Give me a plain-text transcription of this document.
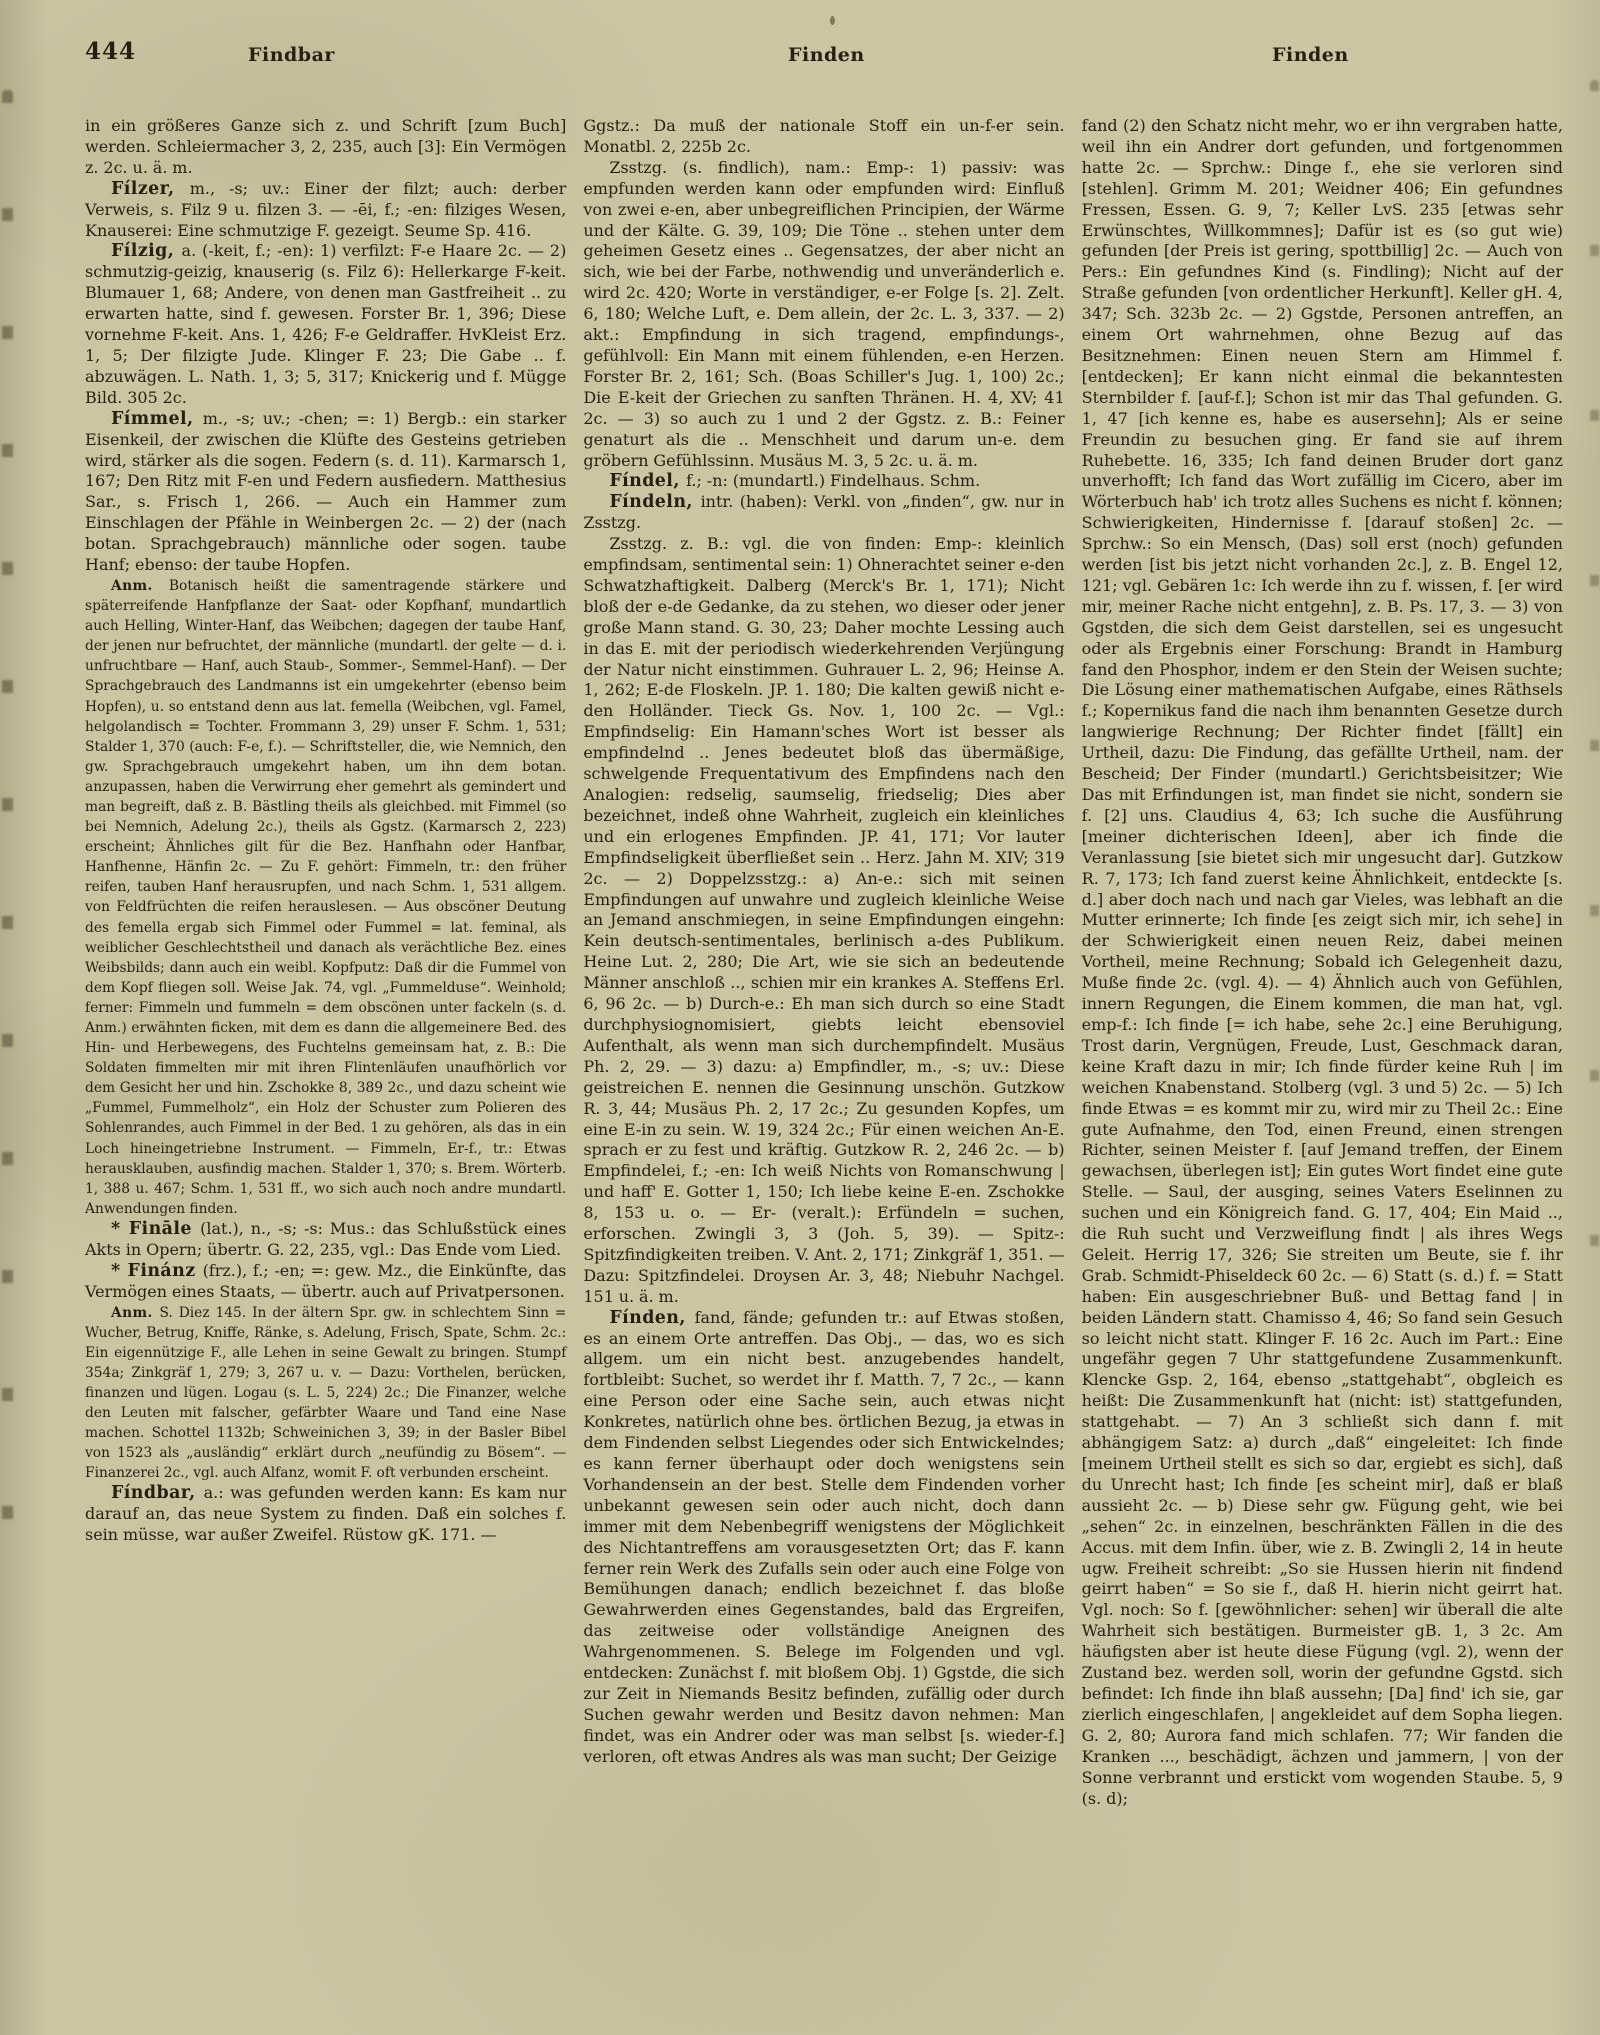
444	Findbar	Finden	Finden

in ein größeres Ganze sich z. und Schrift [zum Buch] werden. Schleiermacher 3, 2, 235, auch [3]: Ein Vermögen z. 2c. u. ä. m.

Fílzer, m., -s; uv.: Einer der filzt; auch: derber Verweis, s. Filz 9 u. filzen 3. — -ēi, f.; -en: filziges Wesen, Knauserei: Eine schmutzige F. gezeigt. Seume Sp. 416.

Fílzig, a. (-keit, f.; -en): 1) verfilzt: F-e Haare 2c. — 2) schmutzig-geizig, knauserig (s. Filz 6): Hellerkarge F-keit. Blumauer 1, 68; Andere, von denen man Gastfreiheit .. zu erwarten hatte, sind f. gewesen. Forster Br. 1, 396; Diese vornehme F-keit. Ans. 1, 426; F-e Geldraffer. HvKleist Erz. 1, 5; Der filzigte Jude. Klinger F. 23; Die Gabe .. f. abzuwägen. L. Nath. 1, 3; 5, 317; Knickerig und f. Mügge Bild. 305 2c.

Fímmel, m., -s; uv.; -chen; =: 1) Bergb.: ein starker Eisenkeil, der zwischen die Klüfte des Gesteins getrieben wird, stärker als die sogen. Federn (s. d. 11). Karmarsch 1, 167; Den Ritz mit F-en und Federn ausfiedern. Matthesius Sar., s. Frisch 1, 266. — Auch ein Hammer zum Einschlagen der Pfähle in Weinbergen 2c. — 2) der (nach botan. Sprachgebrauch) männliche oder sogen. taube Hanf; ebenso: der taube Hopfen.

Anm. Botanisch heißt die samentragende stärkere und späterreifende Hanfpflanze der Saat- oder Kopfhanf, mundartlich auch Helling, Winter-Hanf, das Weibchen; dagegen der taube Hanf, der jenen nur befruchtet, der männliche (mundartl. der gelte — d. i. unfruchtbare — Hanf, auch Staub-, Sommer-, Semmel-Hanf). — Der Sprachgebrauch des Landmanns ist ein umgekehrter (ebenso beim Hopfen), u. so entstand denn aus lat. femella (Weibchen, vgl. Famel, helgolandisch = Tochter. Frommann 3, 29) unser F. Schm. 1, 531; Stalder 1, 370 (auch: F-e, f.). — Schriftsteller, die, wie Nemnich, den gw. Sprachgebrauch umgekehrt haben, um ihn dem botan. anzupassen, haben die Verwirrung eher gemehrt als gemindert und man begreift, daß z. B. Bästling theils als gleichbed. mit Fimmel (so bei Nemnich, Adelung 2c.), theils als Ggstz. (Karmarsch 2, 223) erscheint; Ähnliches gilt für die Bez. Hanfhahn oder Hanfbar, Hanfhenne, Hänfin 2c. — Zu F. gehört: Fimmeln, tr.: den früher reifen, tauben Hanf herausrupfen, und nach Schm. 1, 531 allgem. von Feldfrüchten die reifen herauslesen. — Aus obscöner Deutung des femella ergab sich Fimmel oder Fummel = lat. feminal, als weiblicher Geschlechtstheil und danach als verächtliche Bez. eines Weibsbilds; dann auch ein weibl. Kopfputz: Daß dir die Fummel von dem Kopf fliegen soll. Weise Jak. 74, vgl. „Fummelduse“. Weinhold; ferner: Fimmeln und fummeln = dem obscönen unter fackeln (s. d. Anm.) erwähnten ficken, mit dem es dann die allgemeinere Bed. des Hin- und Herbewegens, des Fuchtelns gemeinsam hat, z. B.: Die Soldaten fimmelten mir mit ihren Flintenläufen unaufhörlich vor dem Gesicht her und hin. Zschokke 8, 389 2c., und dazu scheint wie „Fummel, Fummelholz“, ein Holz der Schuster zum Polieren des Sohlenrandes, auch Fimmel in der Bed. 1 zu gehören, als das in ein Loch hineingetriebne Instrument. — Fimmeln, Er-f., tr.: Etwas herausklauben, ausfindig machen. Stalder 1, 370; s. Brem. Wörterb. 1, 388 u. 467; Schm. 1, 531 ff., wo sich auch noch andre mundartl. Anwendungen finden.

* Fināle (lat.), n., -s; -s: Mus.: das Schlußstück eines Akts in Opern; übertr. G. 22, 235, vgl.: Das Ende vom Lied.

* Finánz (frz.), f.; -en; =: gew. Mz., die Einkünfte, das Vermögen eines Staats, — übertr. auch auf Privatpersonen.

Anm. S. Diez 145. In der ältern Spr. gw. in schlechtem Sinn = Wucher, Betrug, Kniffe, Ränke, s. Adelung, Frisch, Spate, Schm. 2c.: Ein eigennützige F., alle Lehen in seine Gewalt zu bringen. Stumpf 354a; Zinkgräf 1, 279; 3, 267 u. v. — Dazu: Vorthelen, berücken, finanzen und lügen. Logau (s. L. 5, 224) 2c.; Die Finanzer, welche den Leuten mit falscher, gefärbter Waare und Tand eine Nase machen. Schottel 1132b; Schweinichen 3, 39; in der Basler Bibel von 1523 als „ausländig“ erklärt durch „neufündig zu Bösem“. — Finanzerei 2c., vgl. auch Alfanz, womit F. oft verbunden erscheint.

Fíndbar, a.: was gefunden werden kann: Es kam nur darauf an, das neue System zu finden. Daß ein solches f. sein müsse, war außer Zweifel. Rüstow gK. 171. —

Ggstz.: Da muß der nationale Stoff ein un-f-er sein. Monatbl. 2, 225b 2c.

Zsstzg. (s. findlich), nam.: Emp-: 1) passiv: was empfunden werden kann oder empfunden wird: Einfluß von zwei e-en, aber unbegreiflichen Principien, der Wärme und der Kälte. G. 39, 109; Die Töne .. stehen unter dem geheimen Gesetz eines .. Gegensatzes, der aber nicht an sich, wie bei der Farbe, nothwendig und unveränderlich e. wird 2c. 420; Worte in verständiger, e-er Folge [s. 2]. Zelt. 6, 180; Welche Luft, e. Dem allein, der 2c. L. 3, 337. — 2) akt.: Empfindung in sich tragend, empfindungs-, gefühlvoll: Ein Mann mit einem fühlenden, e-en Herzen. Forster Br. 2, 161; Sch. (Boas Schiller's Jug. 1, 100) 2c.; Die E-keit der Griechen zu sanften Thränen. H. 4, XV; 41 2c. — 3) so auch zu 1 und 2 der Ggstz. z. B.: Feiner genaturt als die .. Menschheit und darum un-e. dem gröbern Gefühlssinn. Musäus M. 3, 5 2c. u. ä. m.

Fíndel, f.; -n: (mundartl.) Findelhaus. Schm.

Fíndeln, intr. (haben): Verkl. von „finden“, gw. nur in Zsstzg.

Zsstzg. z. B.: vgl. die von finden: Emp-: kleinlich empfindsam, sentimental sein: 1) Ohnerachtet seiner e-den Schwatzhaftigkeit. Dalberg (Merck's Br. 1, 171); Nicht bloß der e-de Gedanke, da zu stehen, wo dieser oder jener große Mann stand. G. 30, 23; Daher mochte Lessing auch in das E. mit der periodisch wiederkehrenden Verjüngung der Natur nicht einstimmen. Guhrauer L. 2, 96; Heinse A. 1, 262; E-de Floskeln. JP. 1. 180; Die kalten gewiß nicht e-den Holländer. Tieck Gs. Nov. 1, 100 2c. — Vgl.: Empfindselig: Ein Hamann'sches Wort ist besser als empfindelnd .. Jenes bedeutet bloß das übermäßige, schwelgende Frequentativum des Empfindens nach den Analogien: redselig, saumselig, friedselig; Dies aber bezeichnet, indeß ohne Wahrheit, zugleich ein kleinliches und ein erlogenes Empfinden. JP. 41, 171; Vor lauter Empfindseligkeit überfließet sein .. Herz. Jahn M. XIV; 319 2c. — 2) Doppelzsstzg.: a) An-e.: sich mit seinen Empfindungen auf unwahre und zugleich kleinliche Weise an Jemand anschmiegen, in seine Empfindungen eingehn: Kein deutsch-sentimentales, berlinisch a-des Publikum. Heine Lut. 2, 280; Die Art, wie sie sich an bedeutende Männer anschloß .., schien mir ein krankes A. Steffens Erl. 6, 96 2c. — b) Durch-e.: Eh man sich durch so eine Stadt durchphysiognomisiert, giebts leicht ebensoviel Aufenthalt, als wenn man sich durchempfindelt. Musäus Ph. 2, 29. — 3) dazu: a) Empfindler, m., -s; uv.: Diese geistreichen E. nennen die Gesinnung unschön. Gutzkow R. 3, 44; Musäus Ph. 2, 17 2c.; Zu gesunden Kopfes, um eine E-in zu sein. W. 19, 324 2c.; Für einen weichen An-E. sprach er zu fest und kräftig. Gutzkow R. 2, 246 2c. — b) Empfindelei, f.; -en: Ich weiß Nichts von Romanschwung | und haff' E. Gotter 1, 150; Ich liebe keine E-en. Zschokke 8, 153 u. o. — Er- (veralt.): Erfündeln = suchen, erforschen. Zwingli 3, 3 (Joh. 5, 39). — Spitz-: Spitzfindigkeiten treiben. V. Ant. 2, 171; Zinkgräf 1, 351. — Dazu: Spitzfindelei. Droysen Ar. 3, 48; Niebuhr Nachgel. 151 u. ä. m.

Fínden, fand, fände; gefunden tr.: auf Etwas stoßen, es an einem Orte antreffen. Das Obj., — das, wo es sich allgem. um ein nicht best. anzugebendes handelt, fortbleibt: Suchet, so werdet ihr f. Matth. 7, 7 2c., — kann eine Person oder eine Sache sein, auch etwas nicht Konkretes, natürlich ohne bes. örtlichen Bezug, ja etwas in dem Findenden selbst Liegendes oder sich Entwickelndes; es kann ferner überhaupt oder doch wenigstens sein Vorhandensein an der best. Stelle dem Findenden vorher unbekannt gewesen sein oder auch nicht, doch dann immer mit dem Nebenbegriff wenigstens der Möglichkeit des Nichtantreffens am vorausgesetzten Ort; das F. kann ferner rein Werk des Zufalls sein oder auch eine Folge von Bemühungen danach; endlich bezeichnet f. das bloße Gewahrwerden eines Gegenstandes, bald das Ergreifen, das zeitweise oder vollständige Aneignen des Wahrgenommenen. S. Belege im Folgenden und vgl. entdecken: Zunächst f. mit bloßem Obj. 1) Ggstde, die sich zur Zeit in Niemands Besitz befinden, zufällig oder durch Suchen gewahr werden und Besitz davon nehmen: Man findet, was ein Andrer oder was man selbst [s. wieder-f.] verloren, oft etwas Andres als was man sucht; Der Geizige

fand (2) den Schatz nicht mehr, wo er ihn vergraben hatte, weil ihn ein Andrer dort gefunden, und fortgenommen hatte 2c. — Sprchw.: Dinge f., ehe sie verloren sind [stehlen]. Grimm M. 201; Weidner 406; Ein gefundnes Fressen, Essen. G. 9, 7; Keller LvS. 235 [etwas sehr Erwünschtes, Willkommnes]; Dafür ist es (so gut wie) gefunden [der Preis ist gering, spottbillig] 2c. — Auch von Pers.: Ein gefundnes Kind (s. Findling); Nicht auf der Straße gefunden [von ordentlicher Herkunft]. Keller gH. 4, 347; Sch. 323b 2c. — 2) Ggstde, Personen antreffen, an einem Ort wahrnehmen, ohne Bezug auf das Besitznehmen: Einen neuen Stern am Himmel f. [entdecken]; Er kann nicht einmal die bekanntesten Sternbilder f. [auf-f.]; Schon ist mir das Thal gefunden. G. 1, 47 [ich kenne es, habe es ausersehn]; Als er seine Freundin zu besuchen ging. Er fand sie auf ihrem Ruhebette. 16, 335; Ich fand deinen Bruder dort ganz unverhofft; Ich fand das Wort zufällig im Cicero, aber im Wörterbuch hab' ich trotz alles Suchens es nicht f. können; Schwierigkeiten, Hindernisse f. [darauf stoßen] 2c. — Sprchw.: So ein Mensch, (Das) soll erst (noch) gefunden werden [ist bis jetzt nicht vorhanden 2c.], z. B. Engel 12, 121; vgl. Gebären 1c: Ich werde ihn zu f. wissen, f. [er wird mir, meiner Rache nicht entgehn], z. B. Ps. 17, 3. — 3) von Ggstden, die sich dem Geist darstellen, sei es ungesucht oder als Ergebnis einer Forschung: Brandt in Hamburg fand den Phosphor, indem er den Stein der Weisen suchte; Die Lösung einer mathematischen Aufgabe, eines Räthsels f.; Kopernikus fand die nach ihm benannten Gesetze durch langwierige Rechnung; Der Richter findet [fällt] ein Urtheil, dazu: Die Findung, das gefällte Urtheil, nam. der Bescheid; Der Finder (mundartl.) Gerichtsbeisitzer; Wie Das mit Erfindungen ist, man findet sie nicht, sondern sie f. [2] uns. Claudius 4, 63; Ich suche die Ausführung [meiner dichterischen Ideen], aber ich finde die Veranlassung [sie bietet sich mir ungesucht dar]. Gutzkow R. 7, 173; Ich fand zuerst keine Ähnlichkeit, entdeckte [s. d.] aber doch nach und nach gar Vieles, was lebhaft an die Mutter erinnerte; Ich finde [es zeigt sich mir, ich sehe] in der Schwierigkeit einen neuen Reiz, dabei meinen Vortheil, meine Rechnung; Sobald ich Gelegenheit dazu, Muße finde 2c. (vgl. 4). — 4) Ähnlich auch von Gefühlen, innern Regungen, die Einem kommen, die man hat, vgl. emp-f.: Ich finde [= ich habe, sehe 2c.] eine Beruhigung, Trost darin, Vergnügen, Freude, Lust, Geschmack daran, keine Kraft dazu in mir; Ich finde fürder keine Ruh | im weichen Knabenstand. Stolberg (vgl. 3 und 5) 2c. — 5) Ich finde Etwas = es kommt mir zu, wird mir zu Theil 2c.: Eine gute Aufnahme, den Tod, einen Freund, einen strengen Richter, seinen Meister f. [auf Jemand treffen, der Einem gewachsen, überlegen ist]; Ein gutes Wort findet eine gute Stelle. — Saul, der ausging, seines Vaters Eselinnen zu suchen und ein Königreich fand. G. 17, 404; Ein Maid .., die Ruh sucht und Verzweiflung findt | als ihres Wegs Geleit. Herrig 17, 326; Sie streiten um Beute, sie f. ihr Grab. Schmidt-Phiseldeck 60 2c. — 6) Statt (s. d.) f. = Statt haben: Ein ausgeschriebner Buß- und Bettag fand | in beiden Ländern statt. Chamisso 4, 46; So fand sein Gesuch so leicht nicht statt. Klinger F. 16 2c. Auch im Part.: Eine ungefähr gegen 7 Uhr stattgefundene Zusammenkunft. Klencke Gsp. 2, 164, ebenso „stattgehabt“, obgleich es heißt: Die Zusammenkunft hat (nicht: ist) stattgefunden, stattgehabt. — 7) An 3 schließt sich dann f. mit abhängigem Satz: a) durch „daß“ eingeleitet: Ich finde [meinem Urtheil stellt es sich so dar, ergiebt es sich], daß du Unrecht hast; Ich finde [es scheint mir], daß er blaß aussieht 2c. — b) Diese sehr gw. Fügung geht, wie bei „sehen“ 2c. in einzelnen, beschränkten Fällen in die des Accus. mit dem Infin. über, wie z. B. Zwingli 2, 14 in heute ugw. Freiheit schreibt: „So sie Hussen hierin nit findend geirrt haben“ = So sie f., daß H. hierin nicht geirrt hat. Vgl. noch: So f. [gewöhnlicher: sehen] wir überall die alte Wahrheit sich bestätigen. Burmeister gB. 1, 3 2c. Am häufigsten aber ist heute diese Fügung (vgl. 2), wenn der Zustand bez. werden soll, worin der gefundne Ggstd. sich befindet: Ich finde ihn blaß aussehn; [Da] find' ich sie, gar zierlich eingeschlafen, | angekleidet auf dem Sopha liegen. G. 2, 80; Aurora fand mich schlafen. 77; Wir fanden die Kranken ..., beschädigt, ächzen und jammern, | von der Sonne verbrannt und erstickt vom wogenden Staube. 5, 9 (s. d);
